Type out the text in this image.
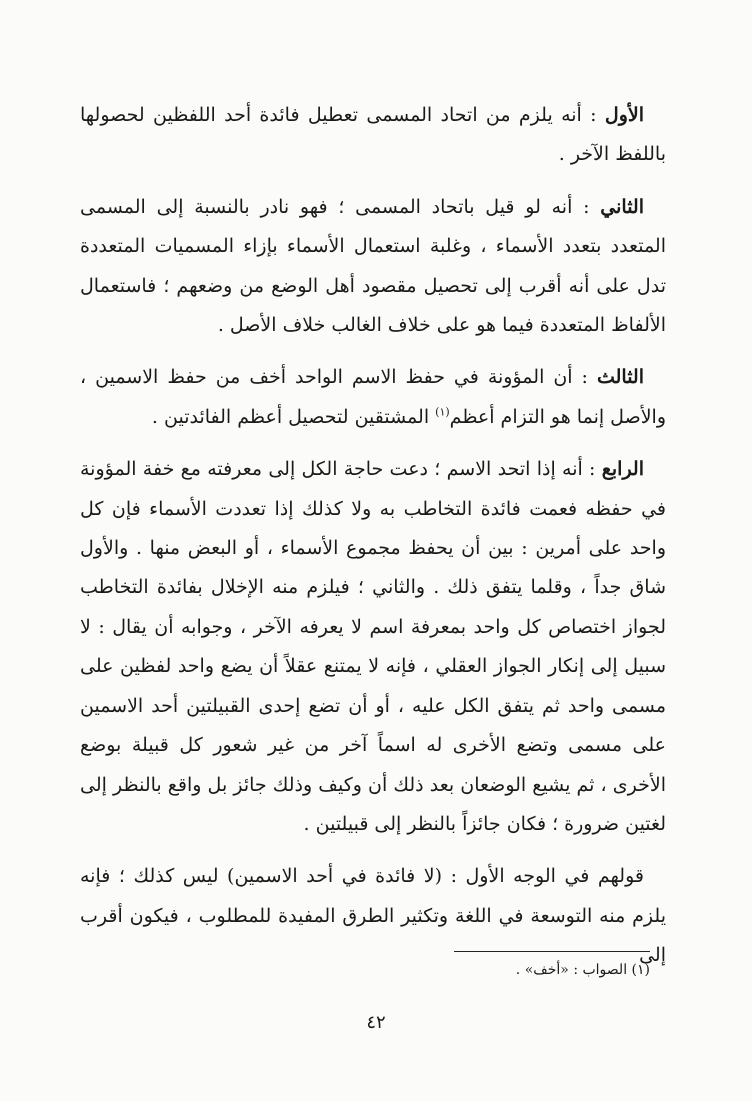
الأول : أنه يلزم من اتحاد المسمى تعطيل فائدة أحد اللفظين لحصولها باللفظ الآخر .

الثاني : أنه لو قيل باتحاد المسمى ؛ فهو نادر بالنسبة إلى المسمى المتعدد بتعدد الأسماء ، وغلبة استعمال الأسماء بإزاء المسميات المتعددة تدل على أنه أقرب إلى تحصيل مقصود أهل الوضع من وضعهم ؛ فاستعمال الألفاظ المتعددة فيما هو على خلاف الغالب خلاف الأصل .

الثالث : أن المؤونة في حفظ الاسم الواحد أخف من حفظ الاسمين ، والأصل إنما هو التزام أعظم$^{(١)}$ المشتقين لتحصيل أعظم الفائدتين .

الرابع : أنه إذا اتحد الاسم ؛ دعت حاجة الكل إلى معرفته مع خفة المؤونة في حفظه فعمت فائدة التخاطب به ولا كذلك إذا تعددت الأسماء فإن كل واحد على أمرين : بين أن يحفظ مجموع الأسماء ، أو البعض منها . والأول شاق جداً ، وقلما يتفق ذلك . والثاني ؛ فيلزم منه الإخلال بفائدة التخاطب لجواز اختصاص كل واحد بمعرفة اسم لا يعرفه الآخر ، وجوابه أن يقال : لا سبيل إلى إنكار الجواز العقلي ، فإنه لا يمتنع عقلاً أن يضع واحد لفظين على مسمى واحد ثم يتفق الكل عليه ، أو أن تضع إحدى القبيلتين أحد الاسمين على مسمى وتضع الأخرى له اسماً آخر من غير شعور كل قبيلة بوضع الأخرى ، ثم يشيع الوضعان بعد ذلك أن وكيف وذلك جائز بل واقع بالنظر إلى لغتين ضرورة ؛ فكان جائزاً بالنظر إلى قبيلتين .

قولهم في الوجه الأول : (لا فائدة في أحد الاسمين) ليس كذلك ؛ فإنه يلزم منه التوسعة في اللغة وتكثير الطرق المفيدة للمطلوب ، فيكون أقرب إلى

(١) الصواب : «أخف» .
٤٢
